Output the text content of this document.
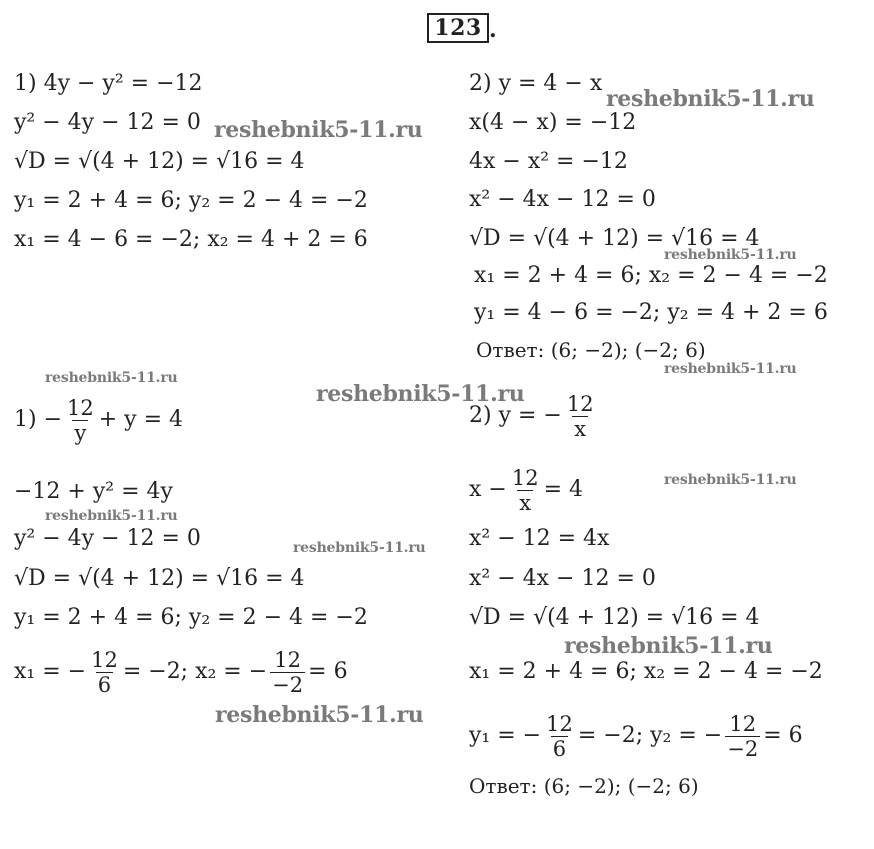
123 .
1) 4y − y² = −12
y² − 4y − 12 = 0
√D = √(4 + 12) = √16 = 4
y₁ = 2 + 4 = 6; y₂ = 2 − 4 = −2
x₁ = 4 − 6 = −2; x₂ = 4 + 2 = 6
2) y = 4 − x
x(4 − x) = −12
4x − x² = −12
x² − 4x − 12 = 0
√D = √(4 + 12) = √16 = 4
x₁ = 2 + 4 = 6; x₂ = 2 − 4 = −2
y₁ = 4 − 6 = −2; y₂ = 4 + 2 = 6
Ответ: (6; −2); (−2; 6)
$1) - \frac{12}{y} + y = 4$
−12 + y² = 4y
y² − 4y − 12 = 0
√D = √(4 + 12) = √16 = 4
y₁ = 2 + 4 = 6; y₂ = 2 − 4 = −2
x₁ = − $\frac{12}{6} = -2$; x₂ = − $\frac{12}{-2} = 6$
2) y = − $\frac{12}{x}$
$x - \frac{12}{x} = 4$
x² − 12 = 4x
x² − 4x − 12 = 0
√D = √(4 + 12) = √16 = 4
x₁ = 2 + 4 = 6; x₂ = 2 − 4 = −2
y₁ = − $\frac{12}{6} = -2$; y₂ = − $\frac{12}{-2} = 6$
Ответ: (6; −2); (−2; 6)
reshebnik5-11.ru
reshebnik5-11.ru
reshebnik5-11.ru
reshebnik5-11.ru
reshebnik5-11.ru
reshebnik5-11.ru
reshebnik5-11.ru
reshebnik5-11.ru
reshebnik5-11.ru
reshebnik5-11.ru
reshebnik5-11.ru
